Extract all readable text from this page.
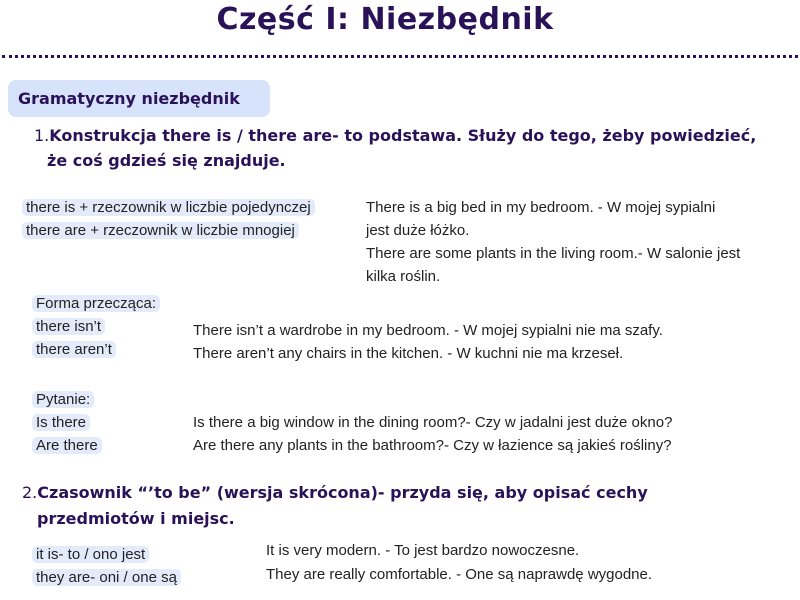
Część I: Niezbędnik
Gramatyczny niezbędnik
1.Konstrukcja there is / there are- to podstawa. Służy do tego, żeby powiedzieć,
że coś gdzieś się znajduje.
there is + rzeczownik w liczbie pojedynczej
there are + rzeczownik w liczbie mnogiej
There is a big bed in my bedroom. - W mojej sypialni
jest duże łóżko.
There are some plants in the living room.- W salonie jest
kilka roślin.
Forma przecząca:
there isn’t
there aren’t
There isn’t a wardrobe in my bedroom. - W mojej sypialni nie ma szafy.
There aren’t any chairs in the kitchen. - W kuchni nie ma krzeseł.
Pytanie:
Is there
Are there
Is there a big window in the dining room?- Czy w jadalni jest duże okno?
Are there any plants in the bathroom?- Czy w łazience są jakieś rośliny?
2.Czasownik “’to be” (wersja skrócona)- przyda się, aby opisać cechy
przedmiotów i miejsc.
it is- to / ono jest
they are- oni / one są
It is very modern. - To jest bardzo nowoczesne.
They are really comfortable. - One są naprawdę wygodne.
